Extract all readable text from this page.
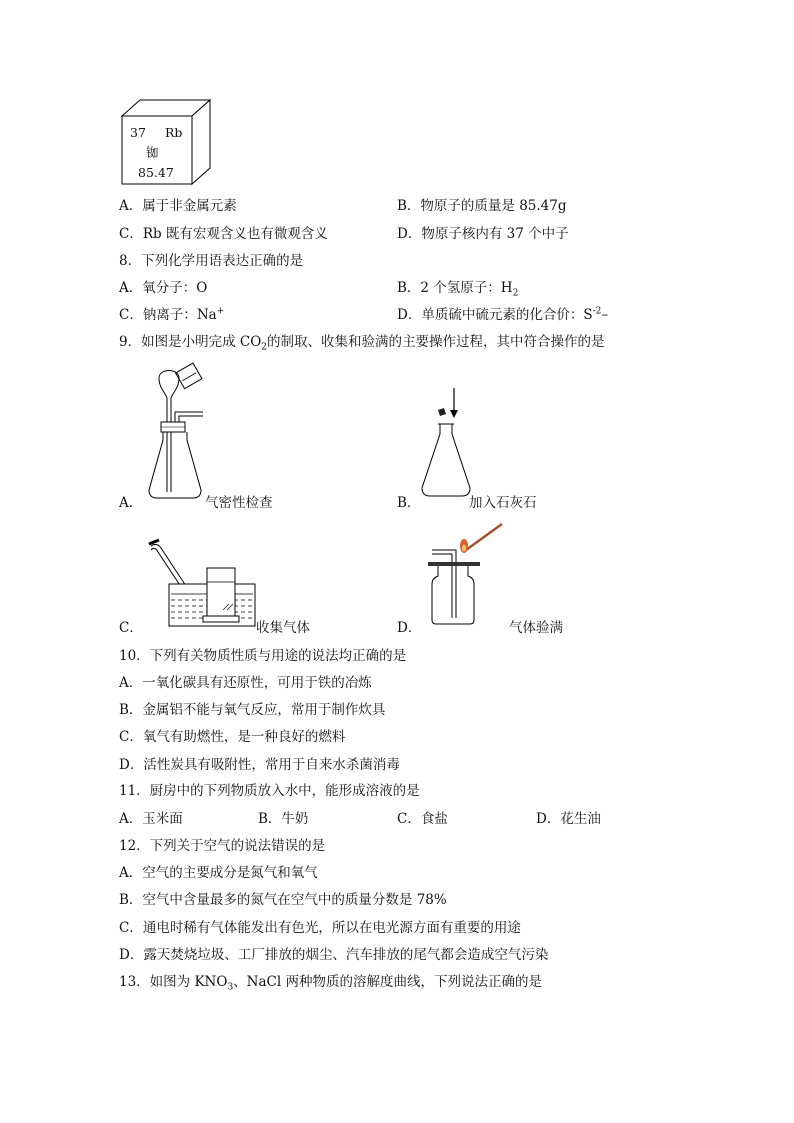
37 Rb
铷
85.47
A．属于非金属元素	B．物原子的质量是 85.47g
C．Rb 既有宏观含义也有微观含义	D．物原子核内有 37 个中子
8．下列化学用语表达正确的是
A．氧分子：O	B．2 个氢原子：$H_2$
C．钠离子：Na+	D．单质硫中硫元素的化合价：$S^{-2}-$
9．如图是小明完成 $CO_2$的制取、收集和验满的主要操作过程，其中符合操作的是
A．	气密性检查	B．	加入石灰石
C．	收集气体	D．	气体验满
10．下列有关物质性质与用途的说法均正确的是
A．一氧化碳具有还原性，可用于铁的冶炼
B．金属铝不能与氧气反应，常用于制作炊具
C．氧气有助燃性，是一种良好的燃料
D．活性炭具有吸附性，常用于自来水杀菌消毒
11．厨房中的下列物质放入水中，能形成溶液的是
A．玉米面	B．牛奶	C．食盐	D．花生油
12．下列关于空气的说法错误的是
A．空气的主要成分是氮气和氧气
B．空气中含量最多的氮气在空气中的质量分数是 78%
C．通电时稀有气体能发出有色光，所以在电光源方面有重要的用途
D．露天焚烧垃圾、工厂排放的烟尘、汽车排放的尾气都会造成空气污染
13．如图为 $KNO_3$、NaCl 两种物质的溶解度曲线，下列说法正确的是
